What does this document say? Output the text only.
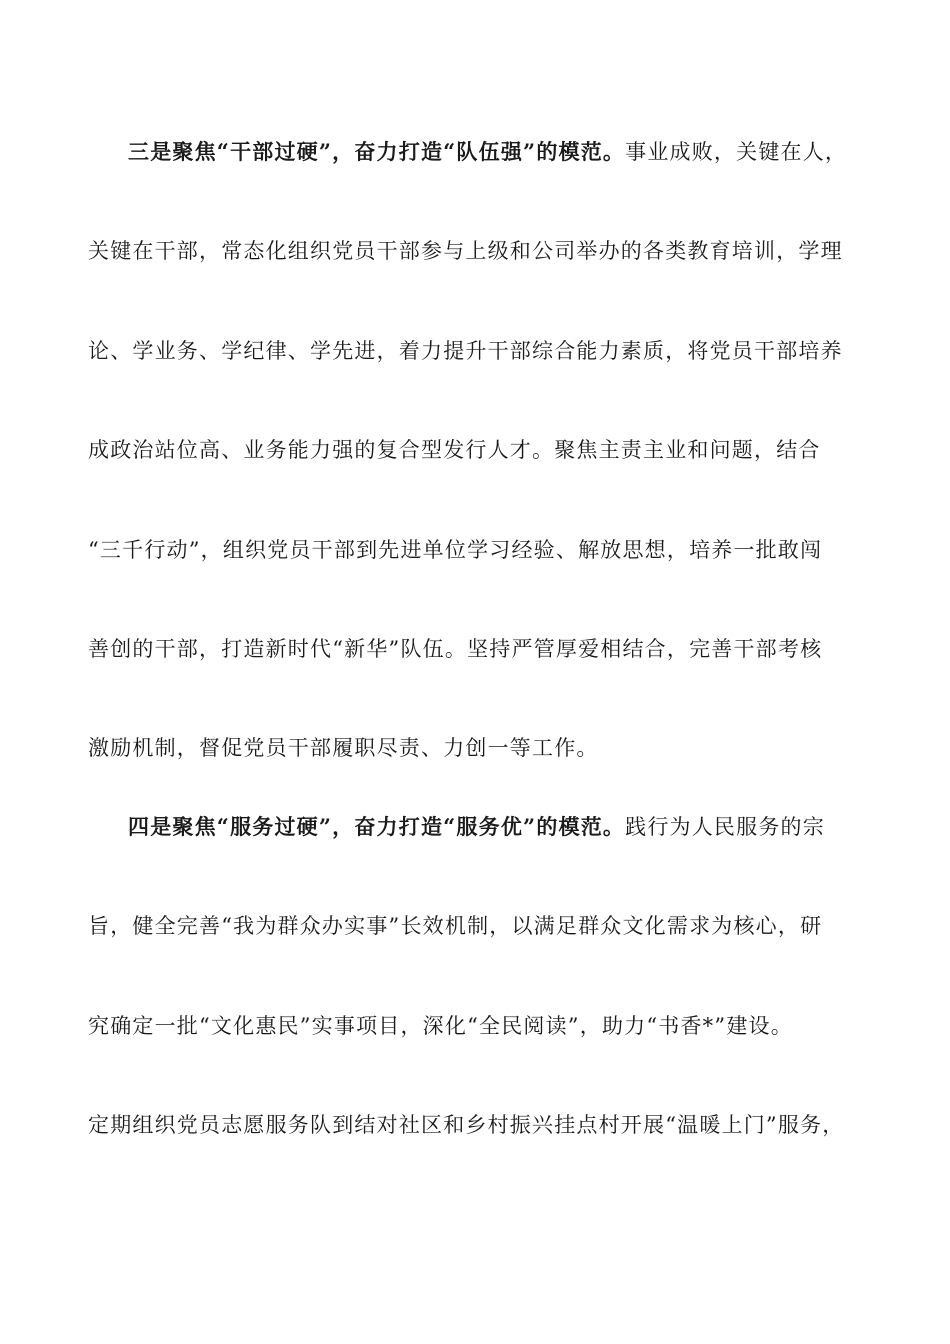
三是聚焦“干部过硬”，奋力打造“队伍强”的模范。事业成败，关键在人，
关键在干部，常态化组织党员干部参与上级和公司举办的各类教育培训，学理
论、学业务、学纪律、学先进，着力提升干部综合能力素质，将党员干部培养
成政治站位高、业务能力强的复合型发行人才。聚焦主责主业和问题，结合
“三千行动”，组织党员干部到先进单位学习经验、解放思想，培养一批敢闯
善创的干部，打造新时代“新华”队伍。坚持严管厚爱相结合，完善干部考核
激励机制，督促党员干部履职尽责、力创一等工作。
四是聚焦“服务过硬”，奋力打造“服务优”的模范。践行为人民服务的宗
旨，健全完善“我为群众办实事”长效机制，以满足群众文化需求为核心，研
究确定一批“文化惠民”实事项目，深化“全民阅读”，助力“书香*”建设。
定期组织党员志愿服务队到结对社区和乡村振兴挂点村开展“温暖上门”服务，
